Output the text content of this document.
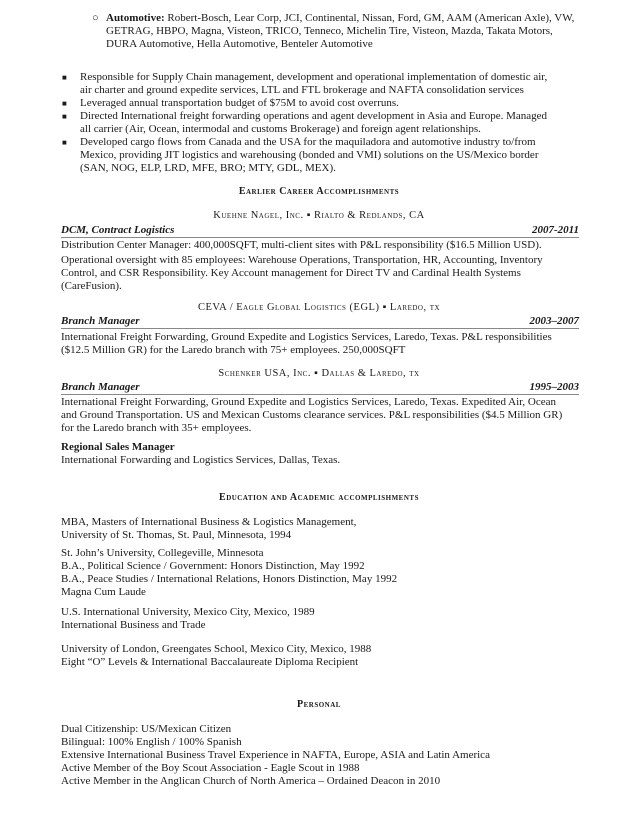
○ Automotive: Robert-Bosch, Lear Corp, JCI, Continental, Nissan, Ford, GM, AAM (American Axle), VW,
GETRAG, HBPO, Magna, Visteon, TRICO, Tenneco, Michelin Tire, Visteon, Mazda, Takata Motors,
DURA Automotive, Hella Automotive, Benteler Automotive
■ Responsible for Supply Chain management, development and operational implementation of domestic air,
air charter and ground expedite services, LTL and FTL brokerage and NAFTA consolidation services
■ Leveraged annual transportation budget of $75M to avoid cost overruns.
■ Directed International freight forwarding operations and agent development in Asia and Europe. Managed
all carrier (Air, Ocean, intermodal and customs Brokerage) and foreign agent relationships.
■ Developed cargo flows from Canada and the USA for the maquiladora and automotive industry to/from
Mexico, providing JIT logistics and warehousing (bonded and VMI) solutions on the US/Mexico border
(SAN, NOG, ELP, LRD, MFE, BRO; MTY, GDL, MEX).
Earlier Career Accomplishments
Kuehne Nagel, Inc. ▪ Rialto & Redlands, CA
DCM, Contract Logistics	2007-2011
Distribution Center Manager: 400,000SQFT, multi-client sites with P&L responsibility ($16.5 Million USD).
Operational oversight with 85 employees: Warehouse Operations, Transportation, HR, Accounting, Inventory
Control, and CSR Responsibility. Key Account management for Direct TV and Cardinal Health Systems
(CareFusion).
CEVA / Eagle Global Logistics (EGL) ▪ Laredo, tx
Branch Manager	2003–2007
International Freight Forwarding, Ground Expedite and Logistics Services, Laredo, Texas. P&L responsibilities
($12.5 Million GR) for the Laredo branch with 75+ employees. 250,000SQFT
Schenker USA, Inc. ▪ Dallas & Laredo, tx
Branch Manager	1995–2003
International Freight Forwarding, Ground Expedite and Logistics Services, Laredo, Texas. Expedited Air, Ocean
and Ground Transportation. US and Mexican Customs clearance services. P&L responsibilities ($4.5 Million GR)
for the Laredo branch with 35+ employees.
Regional Sales Manager
International Forwarding and Logistics Services, Dallas, Texas.
Education and Academic accomplishments
MBA, Masters of International Business & Logistics Management,
University of St. Thomas, St. Paul, Minnesota, 1994
St. John’s University, Collegeville, Minnesota
B.A., Political Science / Government: Honors Distinction, May 1992
B.A., Peace Studies / International Relations, Honors Distinction, May 1992
Magna Cum Laude
U.S. International University, Mexico City, Mexico, 1989
International Business and Trade
University of London, Greengates School, Mexico City, Mexico, 1988
Eight “O” Levels & International Baccalaureate Diploma Recipient
Personal
Dual Citizenship: US/Mexican Citizen
Bilingual: 100% English / 100% Spanish
Extensive International Business Travel Experience in NAFTA, Europe, ASIA and Latin America
Active Member of the Boy Scout Association - Eagle Scout in 1988
Active Member in the Anglican Church of North America – Ordained Deacon in 2010
